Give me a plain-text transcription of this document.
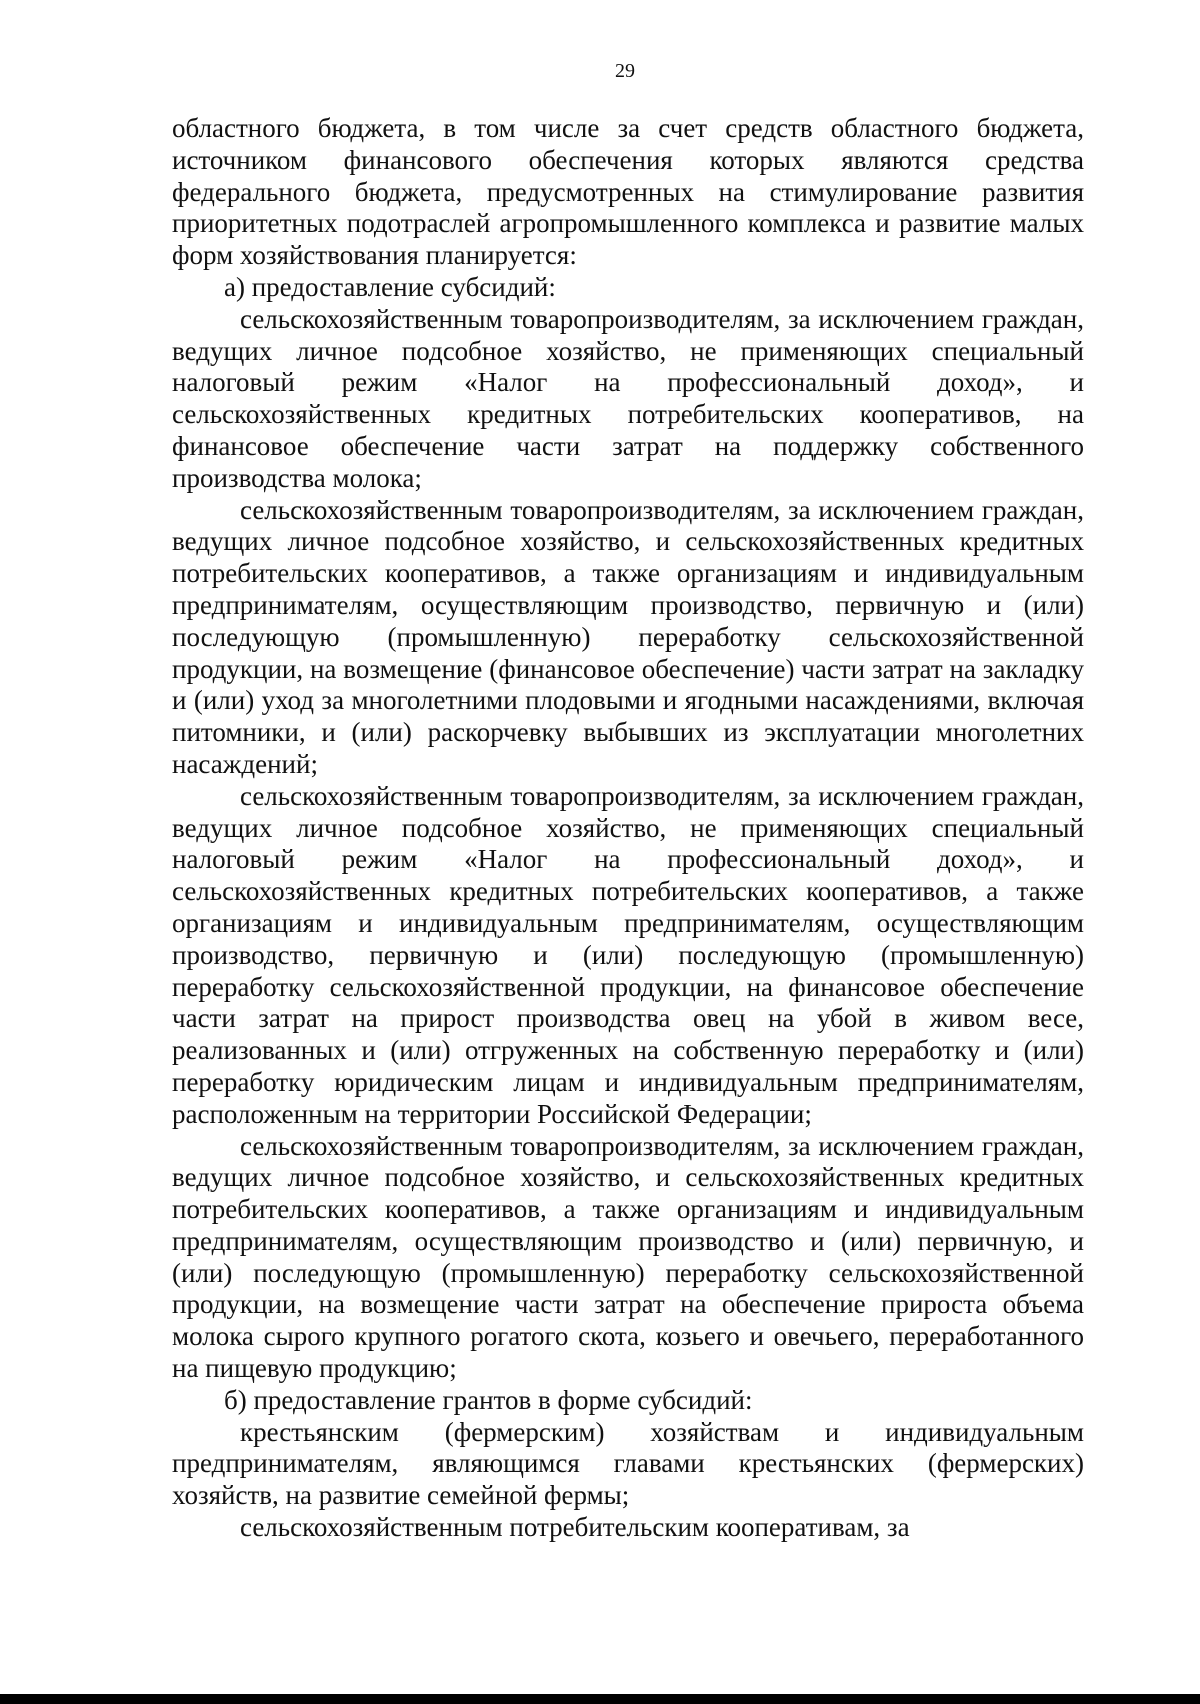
29

областного бюджета, в том числе за счет средств областного бюджета, источником финансового обеспечения которых являются средства федерального бюджета, предусмотренных на стимулирование развития приоритетных подотраслей агропромышленного комплекса и развитие малых форм хозяйствования планируется:

а) предоставление субсидий:

сельскохозяйственным товаропроизводителям, за исключением граждан, ведущих личное подсобное хозяйство, не применяющих специальный налоговый режим «Налог на профессиональный доход», и сельскохозяйственных кредитных потребительских кооперативов, на финансовое обеспечение части затрат на поддержку собственного производства молока;

сельскохозяйственным товаропроизводителям, за исключением граждан, ведущих личное подсобное хозяйство, и сельскохозяйственных кредитных потребительских кооперативов, а также организациям и индивидуальным предпринимателям, осуществляющим производство, первичную и (или) последующую (промышленную) переработку сельскохозяйственной продукции, на возмещение (финансовое обеспечение) части затрат на закладку и (или) уход за многолетними плодовыми и ягодными насаждениями, включая питомники, и (или) раскорчевку выбывших из эксплуатации многолетних насаждений;

сельскохозяйственным товаропроизводителям, за исключением граждан, ведущих личное подсобное хозяйство, не применяющих специальный налоговый режим «Налог на профессиональный доход», и сельскохозяйственных кредитных потребительских кооперативов, а также организациям и индивидуальным предпринимателям, осуществляющим производство, первичную и (или) последующую (промышленную) переработку сельскохозяйственной продукции, на финансовое обеспечение части затрат на прирост производства овец на убой в живом весе, реализованных и (или) отгруженных на собственную переработку и (или) переработку юридическим лицам и индивидуальным предпринимателям, расположенным на территории Российской Федерации;

сельскохозяйственным товаропроизводителям, за исключением граждан, ведущих личное подсобное хозяйство, и сельскохозяйственных кредитных потребительских кооперативов, а также организациям и индивидуальным предпринимателям, осуществляющим производство и (или) первичную, и (или) последующую (промышленную) переработку сельскохозяйственной продукции, на возмещение части затрат на обеспечение прироста объема молока сырого крупного рогатого скота, козьего и овечьего, переработанного на пищевую продукцию;

б) предоставление грантов в форме субсидий:

крестьянским (фермерским) хозяйствам и индивидуальным предпринимателям, являющимся главами крестьянских (фермерских) хозяйств, на развитие семейной фермы;

сельскохозяйственным потребительским кооперативам, за
